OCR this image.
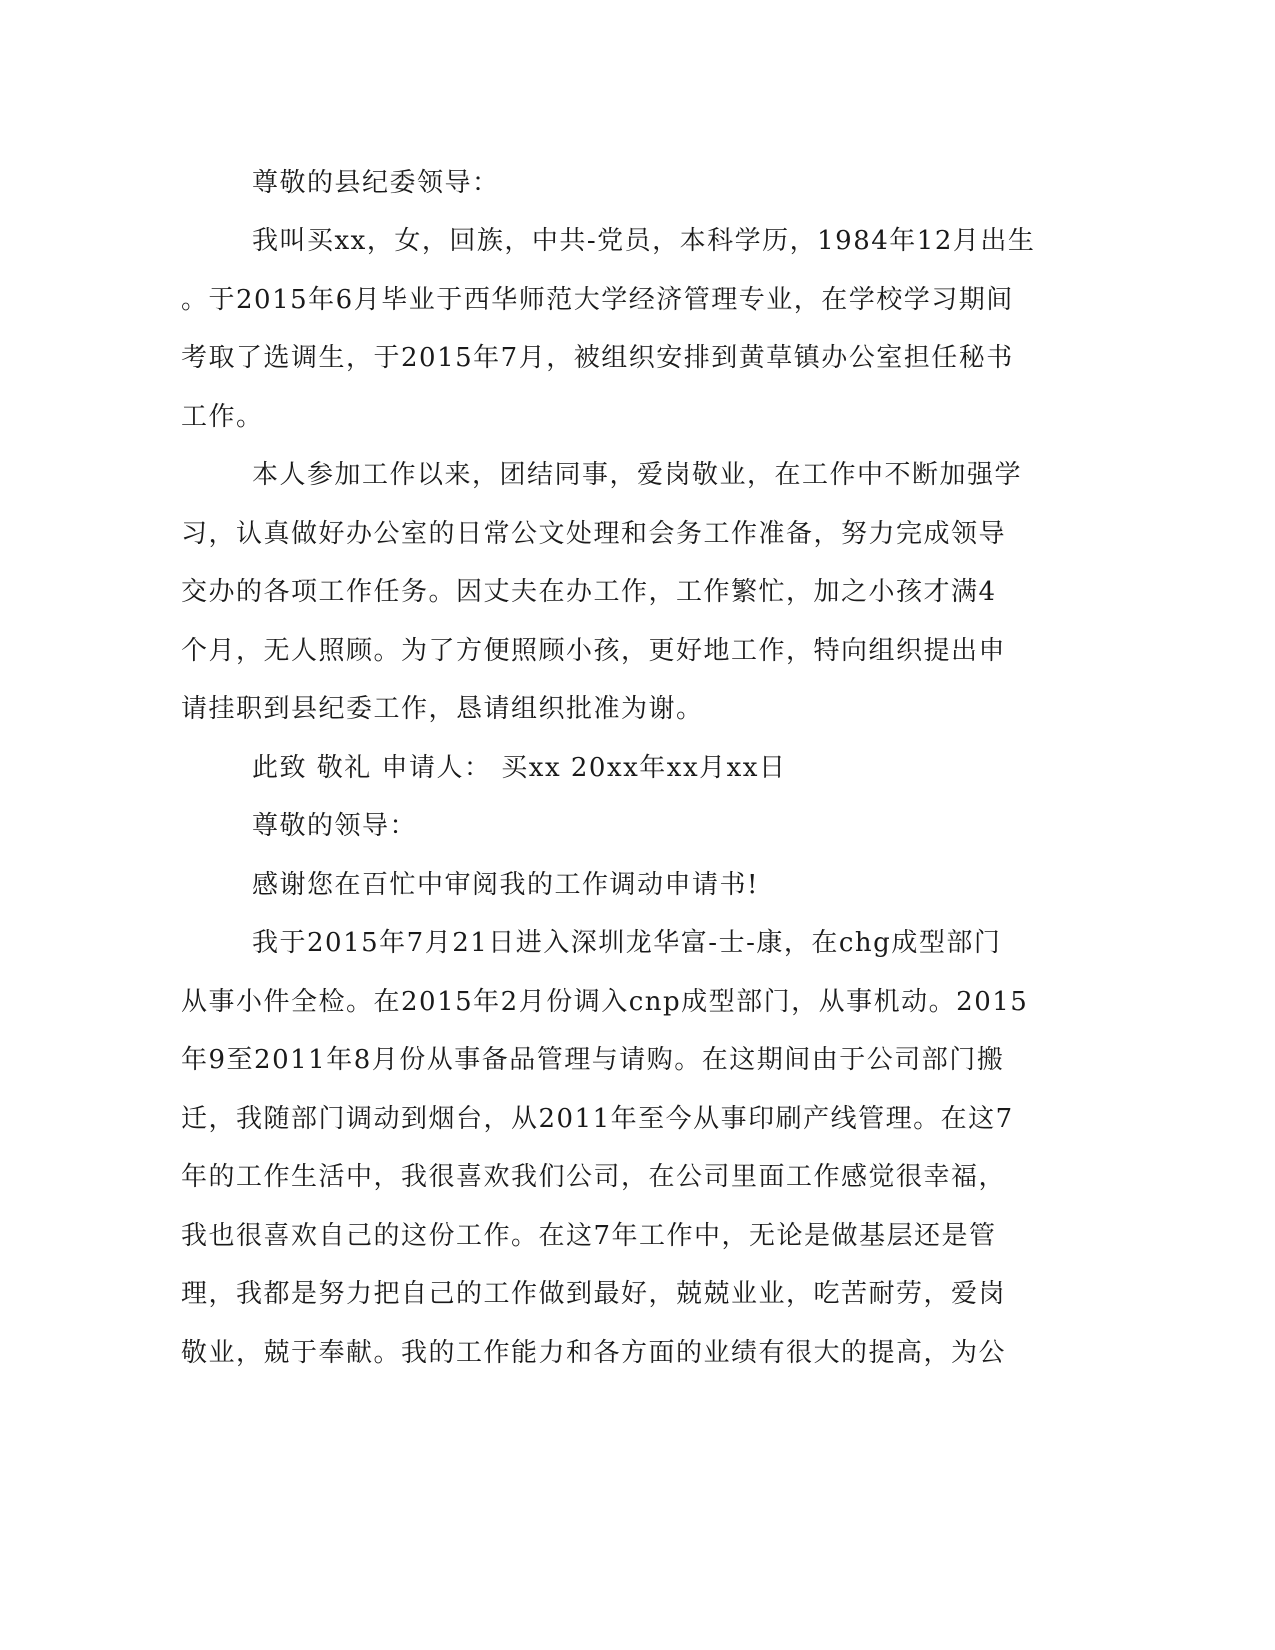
尊敬的县纪委领导：
我叫买xx，女，回族，中共-党员，本科学历，1984年12月出生
。于2015年6月毕业于西华师范大学经济管理专业，在学校学习期间
考取了选调生，于2015年7月，被组织安排到黄草镇办公室担任秘书
工作。
本人参加工作以来，团结同事，爱岗敬业，在工作中不断加强学
习，认真做好办公室的日常公文处理和会务工作准备，努力完成领导
交办的各项工作任务。因丈夫在办工作，工作繁忙，加之小孩才满4
个月，无人照顾。为了方便照顾小孩，更好地工作，特向组织提出申
请挂职到县纪委工作，恳请组织批准为谢。
此致 敬礼 申请人： 买xx 20xx年xx月xx日
尊敬的领导：
感谢您在百忙中审阅我的工作调动申请书!
我于2015年7月21日进入深圳龙华富-士-康，在chg成型部门
从事小件全检。在2015年2月份调入cnp成型部门，从事机动。2015
年9至2011年8月份从事备品管理与请购。在这期间由于公司部门搬
迁，我随部门调动到烟台，从2011年至今从事印刷产线管理。在这7
年的工作生活中，我很喜欢我们公司，在公司里面工作感觉很幸福，
我也很喜欢自己的这份工作。在这7年工作中，无论是做基层还是管
理，我都是努力把自己的工作做到最好，兢兢业业，吃苦耐劳，爱岗
敬业，兢于奉献。我的工作能力和各方面的业绩有很大的提高，为公
